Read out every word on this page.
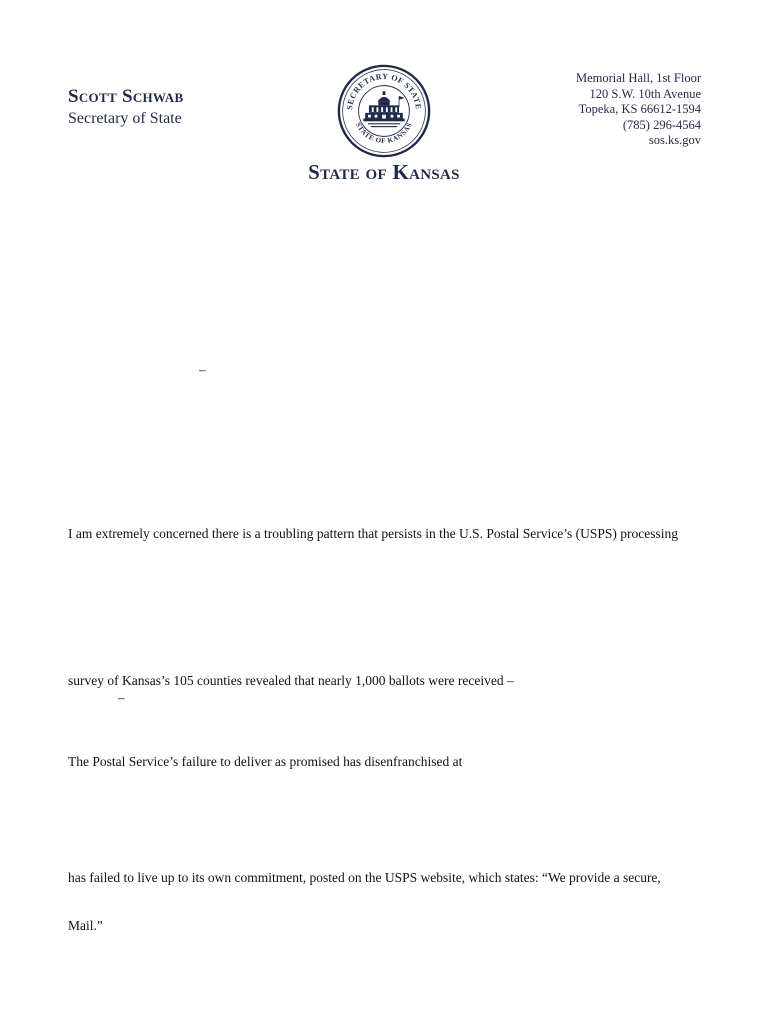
Scott Schwab
Secretary of State
SECRETARY OF STATE
STATE OF KANSAS
State of Kansas
Memorial Hall, 1st Floor
120 S.W. 10th Avenue
Topeka, KS 66612-1594
(785) 296-4564
sos.ks.gov
–
I am extremely concerned there is a troubling pattern that persists in the U.S. Postal Service’s (USPS) processing
survey of Kansas’s 105 counties revealed that nearly 1,000 ballots were received –
–
The Postal Service’s failure to deliver as promised has disenfranchised at
has failed to live up to its own commitment, posted on the USPS website, which states: “We provide a secure,
Mail.”
